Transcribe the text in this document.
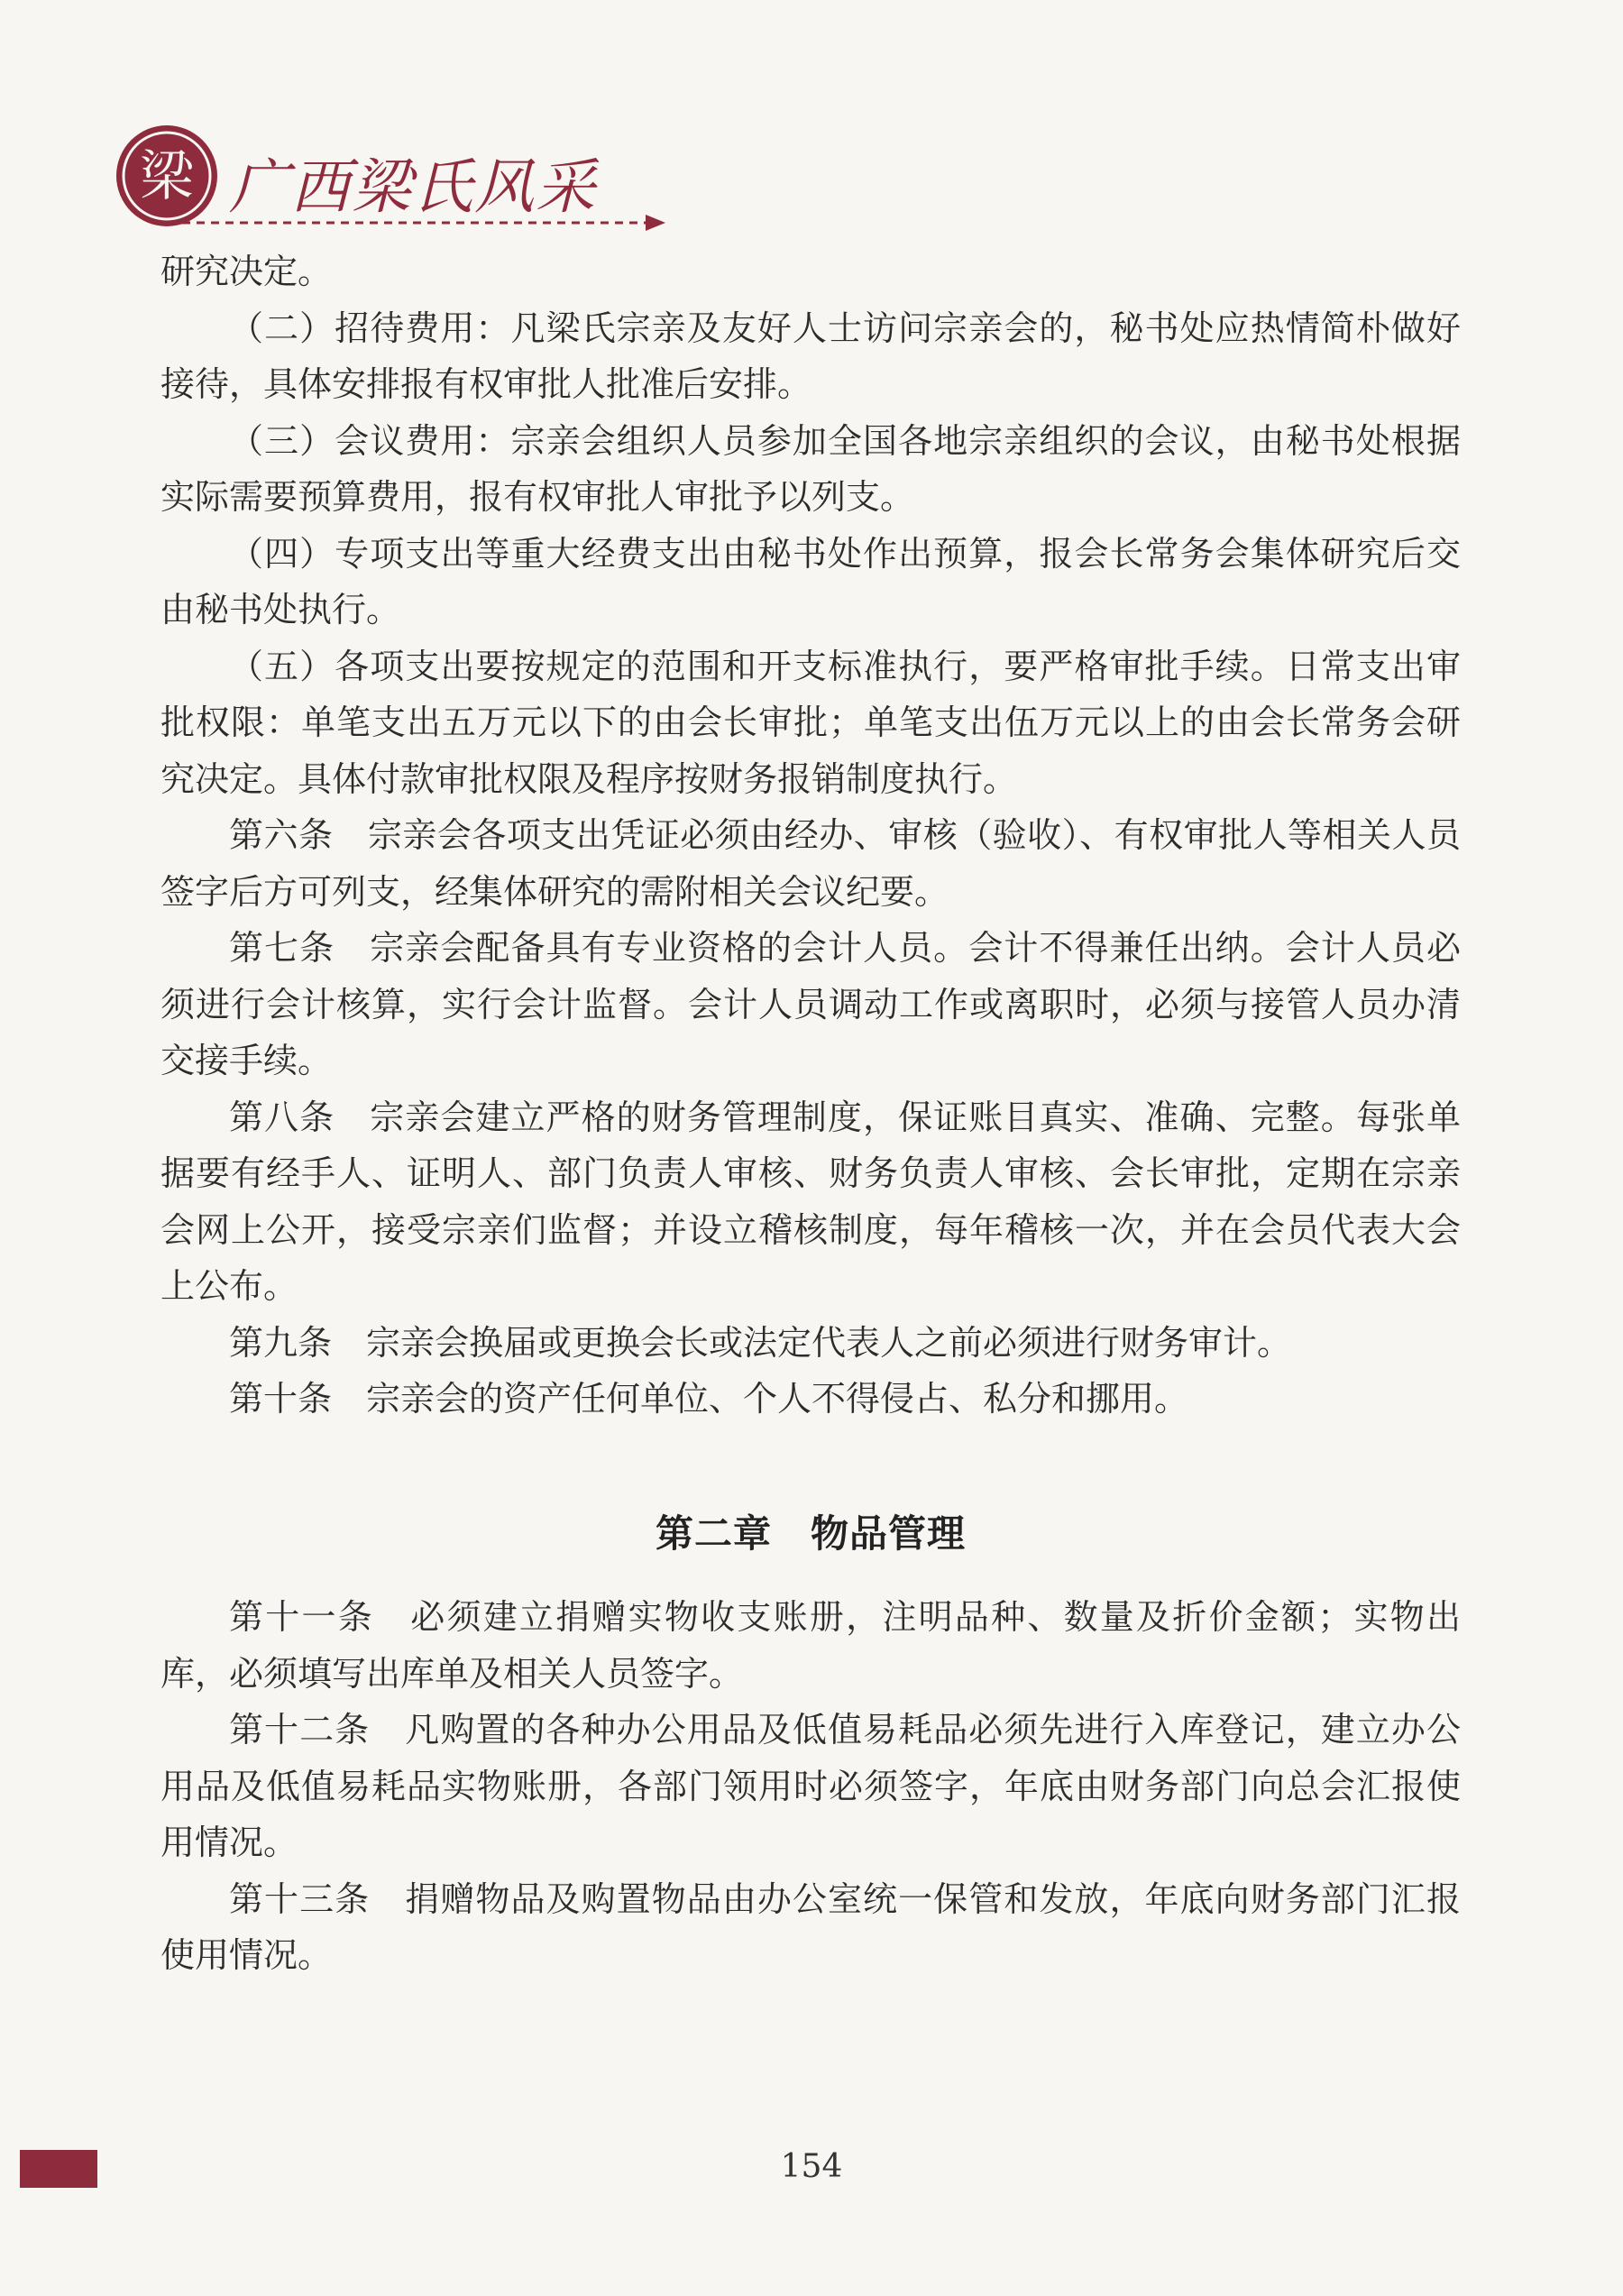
梁 广西梁氏风采

研究决定。

（二）招待费用：凡梁氏宗亲及友好人士访问宗亲会的，秘书处应热情简朴做好接待，具体安排报有权审批人批准后安排。

（三）会议费用：宗亲会组织人员参加全国各地宗亲组织的会议，由秘书处根据实际需要预算费用，报有权审批人审批予以列支。

（四）专项支出等重大经费支出由秘书处作出预算，报会长常务会集体研究后交由秘书处执行。

（五）各项支出要按规定的范围和开支标准执行，要严格审批手续。日常支出审批权限：单笔支出五万元以下的由会长审批；单笔支出伍万元以上的由会长常务会研究决定。具体付款审批权限及程序按财务报销制度执行。

第六条　宗亲会各项支出凭证必须由经办、审核（验收）、有权审批人等相关人员签字后方可列支，经集体研究的需附相关会议纪要。

第七条　宗亲会配备具有专业资格的会计人员。会计不得兼任出纳。会计人员必须进行会计核算，实行会计监督。会计人员调动工作或离职时，必须与接管人员办清交接手续。

第八条　宗亲会建立严格的财务管理制度，保证账目真实、准确、完整。每张单据要有经手人、证明人、部门负责人审核、财务负责人审核、会长审批，定期在宗亲会网上公开，接受宗亲们监督；并设立稽核制度，每年稽核一次，并在会员代表大会上公布。

第九条　宗亲会换届或更换会长或法定代表人之前必须进行财务审计。

第十条　宗亲会的资产任何单位、个人不得侵占、私分和挪用。

第二章　物品管理

第十一条　必须建立捐赠实物收支账册，注明品种、数量及折价金额；实物出库，必须填写出库单及相关人员签字。

第十二条　凡购置的各种办公用品及低值易耗品必须先进行入库登记，建立办公用品及低值易耗品实物账册，各部门领用时必须签字，年底由财务部门向总会汇报使用情况。

第十三条　捐赠物品及购置物品由办公室统一保管和发放，年底向财务部门汇报使用情况。

154
